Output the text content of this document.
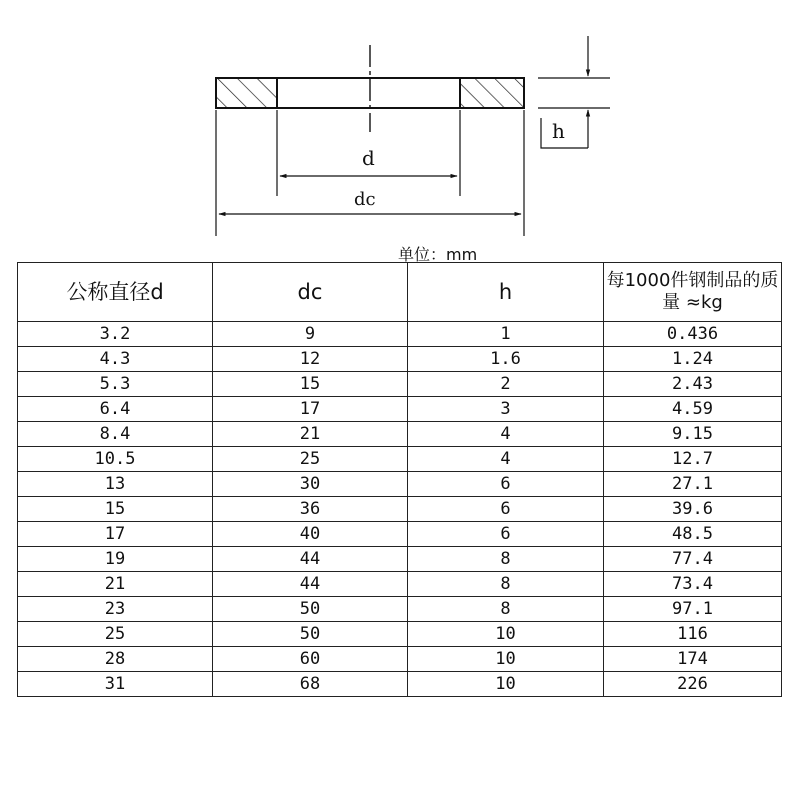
d
dc
h
单位：mm
公称直径d	dc	h	每1000件钢制品的质量 ≈kg
3.2	9	1	0.436
4.3	12	1.6	1.24
5.3	15	2	2.43
6.4	17	3	4.59
8.4	21	4	9.15
10.5	25	4	12.7
13	30	6	27.1
15	36	6	39.6
17	40	6	48.5
19	44	8	77.4
21	44	8	73.4
23	50	8	97.1
25	50	10	116
28	60	10	174
31	68	10	226
